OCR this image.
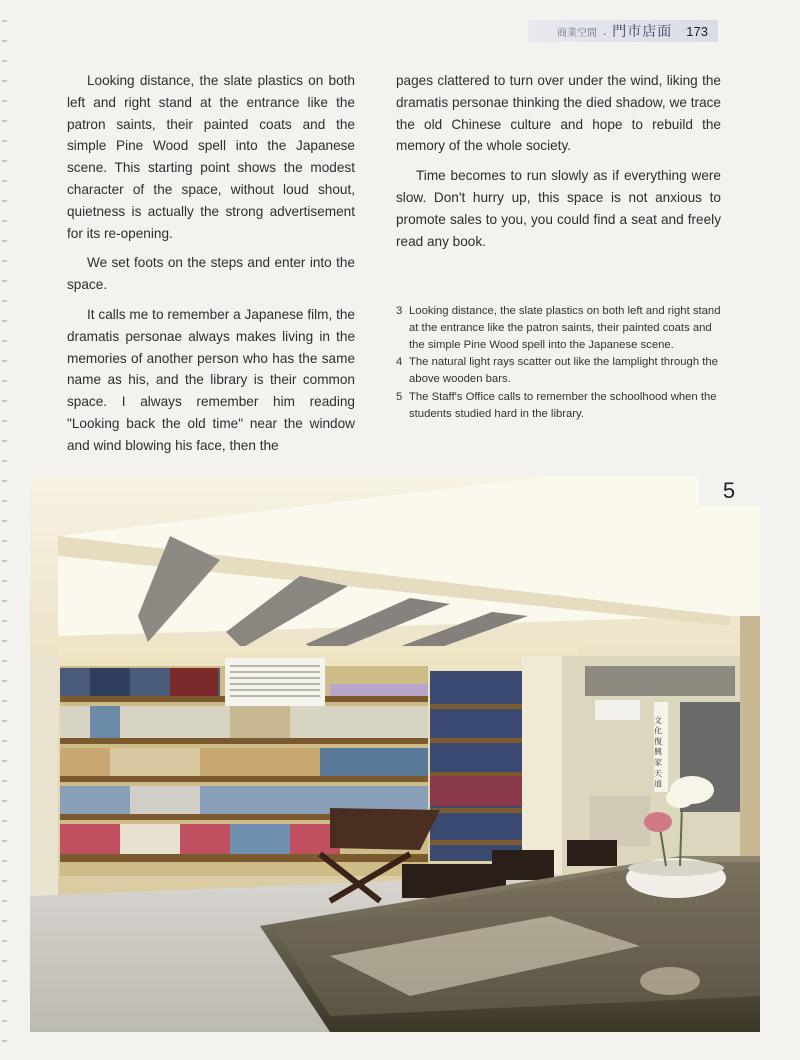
商業空間 . 門市店面 173

Looking distance, the slate plastics on both left and right stand at the entrance like the patron saints, their painted coats and the simple Pine Wood spell into the Japanese scene. This starting point shows the modest character of the space, without loud shout, quietness is actually the strong advertisement for its re-opening.

We set foots on the steps and enter into the space.

It calls me to remember a Japanese film, the dramatis personae always makes living in the memories of another person who has the same name as his, and the library is their common space. I always remember him reading "Looking back the old time" near the window and wind blowing his face, then the

pages clattered to turn over under the wind, liking the dramatis personae thinking the died shadow, we trace the old Chinese culture and hope to rebuild the memory of the whole society.

Time becomes to run slowly as if everything were slow. Don't hurry up, this space is not anxious to promote sales to you, you could find a seat and freely read any book.

3 Looking distance, the slate plastics on both left and right stand at the entrance like the patron saints, their painted coats and the simple Pine Wood spell into the Japanese scene.
4 The natural light rays scatter out like the lamplight through the above wooden bars.
5 The Staff's Office calls to remember the schoolhood when the students studied hard in the library.
文 化 復 興 家 天 道
5
